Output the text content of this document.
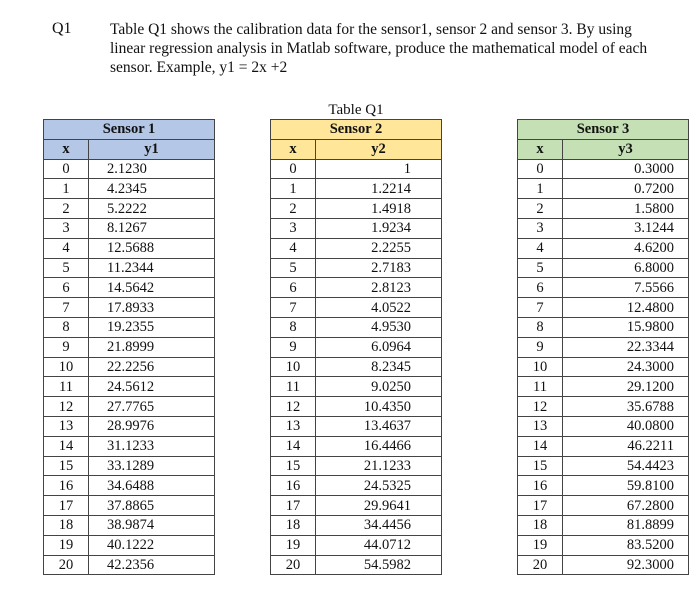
Q1 Table Q1 shows the calibration data for the sensor1, sensor 2 and sensor 3. By using linear regression analysis in Matlab software, produce the mathematical model of each sensor. Example, y1 = 2x +2
Table Q1
Sensor 1	
x	y1
0	2.1230
1	4.2345
2	5.2222
3	8.1267
4	12.5688
5	11.2344
6	14.5642
7	17.8933
8	19.2355
9	21.8999
10	22.2256
11	24.5612
12	27.7765
13	28.9976
14	31.1233
15	33.1289
16	34.6488
17	37.8865
18	38.9874
19	40.1222
20	42.2356
Sensor 2	
x	y2
0	1
1	1.2214
2	1.4918
3	1.9234
4	2.2255
5	2.7183
6	2.8123
7	4.0522
8	4.9530
9	6.0964
10	8.2345
11	9.0250
12	10.4350
13	13.4637
14	16.4466
15	21.1233
16	24.5325
17	29.9641
18	34.4456
19	44.0712
20	54.5982
Sensor 3	
x	y3
0	0.3000
1	0.7200
2	1.5800
3	3.1244
4	4.6200
5	6.8000
6	7.5566
7	12.4800
8	15.9800
9	22.3344
10	24.3000
11	29.1200
12	35.6788
13	40.0800
14	46.2211
15	54.4423
16	59.8100
17	67.2800
18	81.8899
19	83.5200
20	92.3000
